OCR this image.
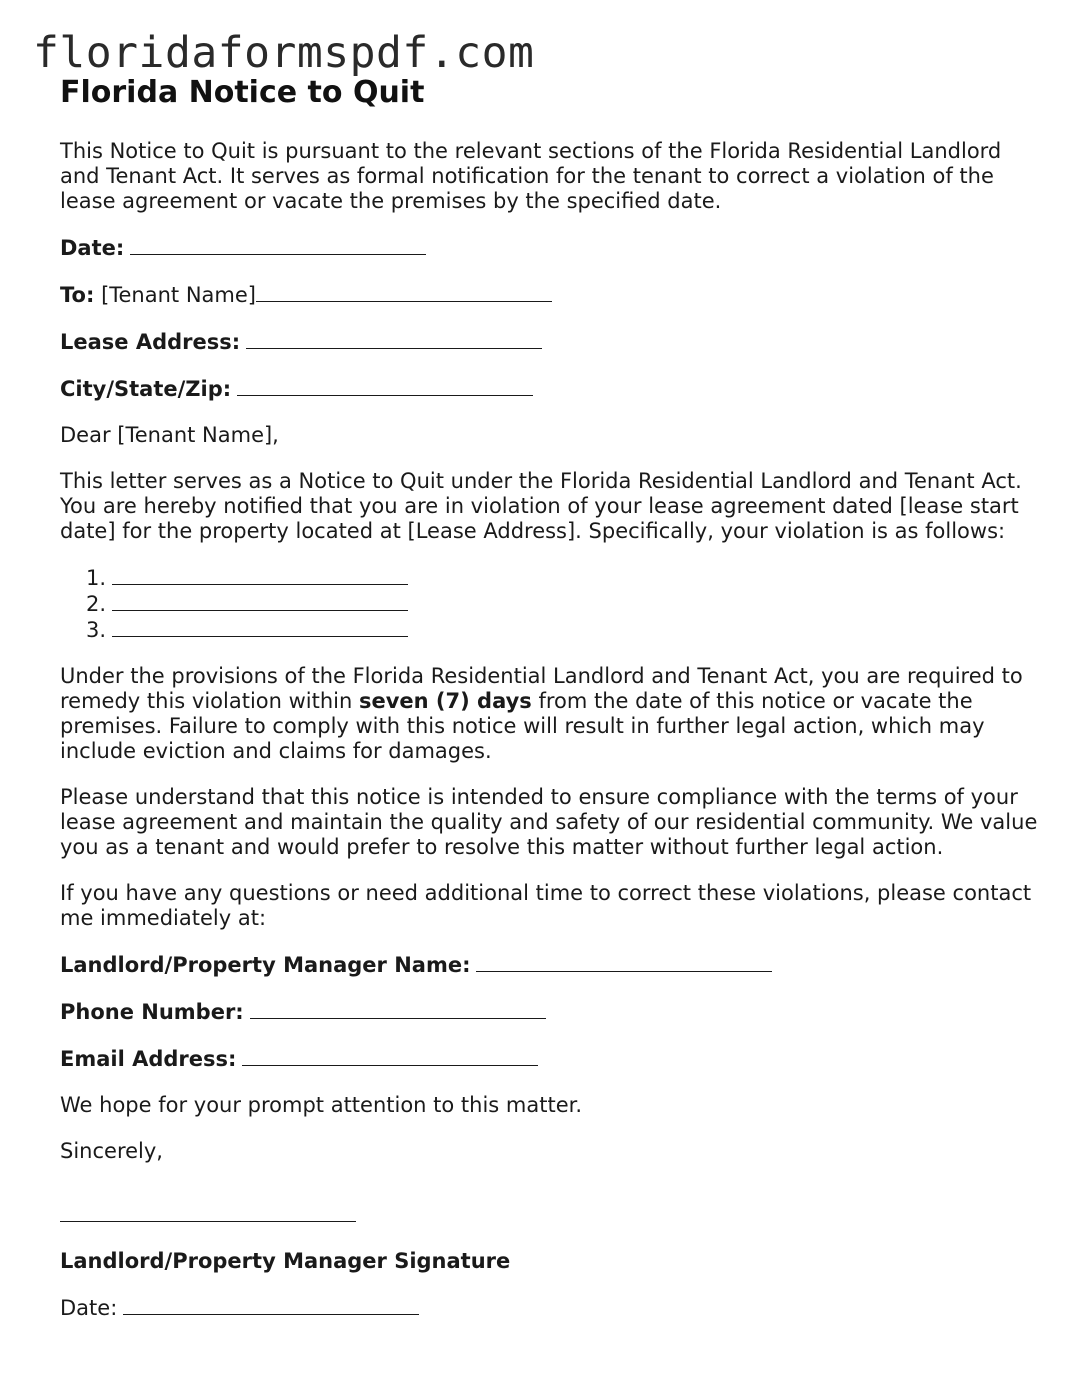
floridaformspdf.com
Florida Notice to Quit

This Notice to Quit is pursuant to the relevant sections of the Florida Residential Landlord and Tenant Act. It serves as formal notification for the tenant to correct a violation of the lease agreement or vacate the premises by the specified date.

Date:

To: [Tenant Name]

Lease Address:

City/State/Zip:

Dear [Tenant Name],

This letter serves as a Notice to Quit under the Florida Residential Landlord and Tenant Act. You are hereby notified that you are in violation of your lease agreement dated [lease start date] for the property located at [Lease Address]. Specifically, your violation is as follows:

1.
2.
3.

Under the provisions of the Florida Residential Landlord and Tenant Act, you are required to remedy this violation within seven (7) days from the date of this notice or vacate the premises. Failure to comply with this notice will result in further legal action, which may include eviction and claims for damages.

Please understand that this notice is intended to ensure compliance with the terms of your lease agreement and maintain the quality and safety of our residential community. We value you as a tenant and would prefer to resolve this matter without further legal action.

If you have any questions or need additional time to correct these violations, please contact me immediately at:

Landlord/Property Manager Name:

Phone Number:

Email Address:

We hope for your prompt attention to this matter.

Sincerely,

Landlord/Property Manager Signature

Date:
